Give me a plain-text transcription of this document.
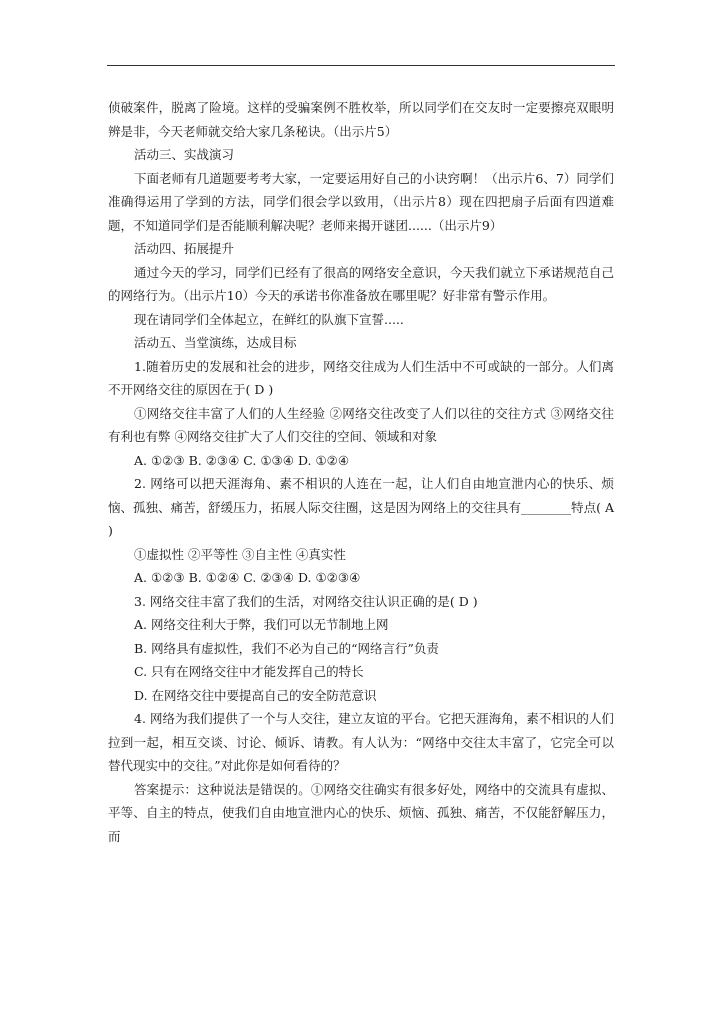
侦破案件，脱离了险境。这样的受骗案例不胜枚举，所以同学们在交友时一定要擦亮双眼明辨是非，今天老师就交给大家几条秘诀。（出示片5）

活动三、实战演习

下面老师有几道题要考考大家，一定要运用好自己的小诀窍啊！（出示片6、7）同学们准确得运用了学到的方法，同学们很会学以致用，（出示片8）现在四把扇子后面有四道难题，不知道同学们是否能顺利解决呢？老师来揭开谜团......（出示片9）

活动四、拓展提升

通过今天的学习，同学们已经有了很高的网络安全意识，今天我们就立下承诺规范自己的网络行为。（出示片10）今天的承诺书你准备放在哪里呢？好非常有警示作用。

现在请同学们全体起立，在鲜红的队旗下宣誓.....

活动五、当堂演练，达成目标

1.随着历史的发展和社会的进步，网络交往成为人们生活中不可或缺的一部分。人们离不开网络交往的原因在于( D )

①网络交往丰富了人们的人生经验 ②网络交往改变了人们以往的交往方式 ③网络交往有利也有弊 ④网络交往扩大了人们交往的空间、领域和对象

A. ①②③ B. ②③④ C. ①③④ D. ①②④

2. 网络可以把天涯海角、素不相识的人连在一起，让人们自由地宣泄内心的快乐、烦恼、孤独、痛苦，舒缓压力，拓展人际交往圈，这是因为网络上的交往具有________特点( A )

①虚拟性 ②平等性 ③自主性 ④真实性

A. ①②③ B. ①②④ C. ②③④ D. ①②③④

3. 网络交往丰富了我们的生活，对网络交往认识正确的是( D )

A. 网络交往利大于弊，我们可以无节制地上网

B. 网络具有虚拟性，我们不必为自己的“网络言行”负责

C. 只有在网络交往中才能发挥自己的特长

D. 在网络交往中要提高自己的安全防范意识

4. 网络为我们提供了一个与人交往，建立友谊的平台。它把天涯海角，素不相识的人们拉到一起，相互交谈、讨论、倾诉、请教。有人认为：“网络中交往太丰富了，它完全可以替代现实中的交往。”对此你是如何看待的？

答案提示：这种说法是错误的。①网络交往确实有很多好处，网络中的交流具有虚拟、平等、自主的特点，使我们自由地宣泄内心的快乐、烦恼、孤独、痛苦，不仅能舒解压力，而
